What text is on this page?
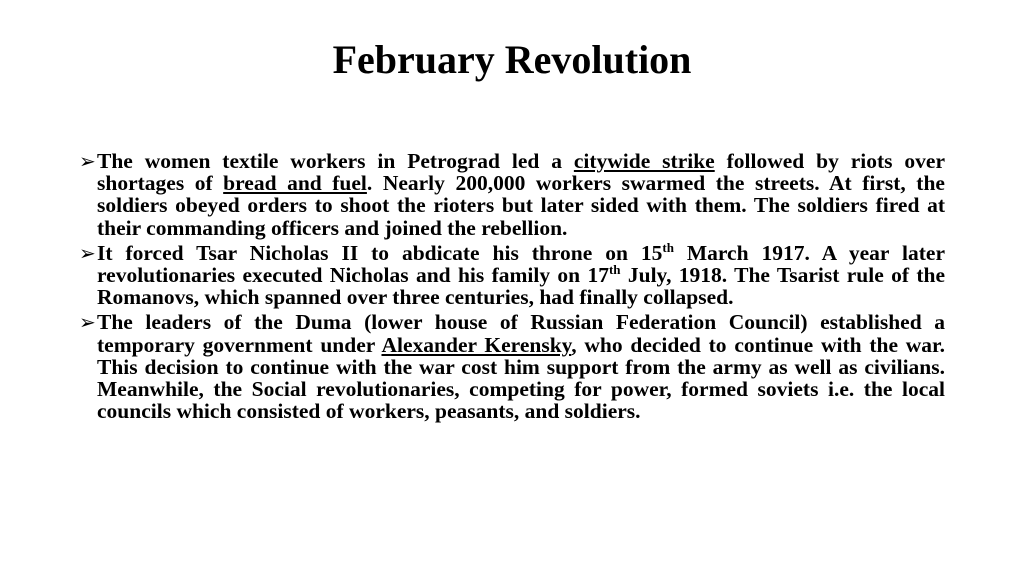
February Revolution
➢ The women textile workers in Petrograd led a citywide strike followed by riots over shortages of bread and fuel. Nearly 200,000 workers swarmed the streets. At first, the soldiers obeyed orders to shoot the rioters but later sided with them. The soldiers fired at their commanding officers and joined the rebellion.
➢ It forced Tsar Nicholas II to abdicate his throne on 15th March 1917. A year later revolutionaries executed Nicholas and his family on 17th July, 1918. The Tsarist rule of the Romanovs, which spanned over three centuries, had finally collapsed.
➢ The leaders of the Duma (lower house of Russian Federation Council) established a temporary government under Alexander Kerensky, who decided to continue with the war. This decision to continue with the war cost him support from the army as well as civilians. Meanwhile, the Social revolutionaries, competing for power, formed soviets i.e. the local councils which consisted of workers, peasants, and soldiers.
